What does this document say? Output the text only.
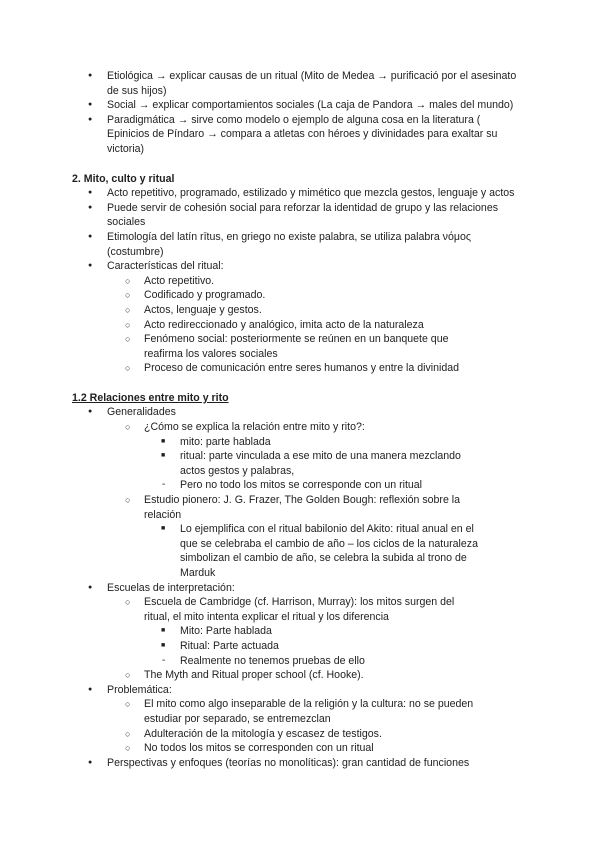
● Etiológica → explicar causas de un ritual (Mito de Medea → purificació por el asesinato de sus hijos)
● Social → explicar comportamientos sociales (La caja de Pandora → males del mundo)
● Paradigmática → sirve como modelo o ejemplo de alguna cosa en la literatura ( Epinicios de Píndaro → compara a atletas con héroes y divinidades para exaltar su victoria)
2. Mito, culto y ritual
● Acto repetitivo, programado, estilizado y mimético que mezcla gestos, lenguaje y actos
● Puede servir de cohesión social para reforzar la identidad de grupo y las relaciones sociales
● Etimología del latín rītus, en griego no existe palabra, se utiliza palabra νόμος (costumbre)
● Características del ritual:
○ Acto repetitivo.
○ Codificado y programado.
○ Actos, lenguaje y gestos.
○ Acto redireccionado y analógico, imita acto de la naturaleza
○ Fenómeno social: posteriormente se reúnen en un banquete que reafirma los valores sociales
○ Proceso de comunicación entre seres humanos y entre la divinidad
1.2 Relaciones entre mito y rito
● Generalidades
○ ¿Cómo se explica la relación entre mito y rito?:
■ mito: parte hablada
■ ritual: parte vinculada a ese mito de una manera mezclando actos gestos y palabras,
- Pero no todo los mitos se corresponde con un ritual
○ Estudio pionero: J. G. Frazer, The Golden Bough: reflexión sobre la relación
■ Lo ejemplifica con el ritual babilonio del Akito: ritual anual en el que se celebraba el cambio de año – los ciclos de la naturaleza simbolizan el cambio de año, se celebra la subida al trono de Marduk
● Escuelas de interpretación:
○ Escuela de Cambridge (cf. Harrison, Murray): los mitos surgen del ritual, el mito intenta explicar el ritual y los diferencia
■ Mito: Parte hablada
■ Ritual: Parte actuada
- Realmente no tenemos pruebas de ello
○ The Myth and Ritual proper school (cf. Hooke).
● Problemática:
○ El mito como algo inseparable de la religión y la cultura: no se pueden estudiar por separado, se entremezclan
○ Adulteración de la mitología y escasez de testigos.
○ No todos los mitos se corresponden con un ritual
● Perspectivas y enfoques (teorías no monolíticas): gran cantidad de funciones
